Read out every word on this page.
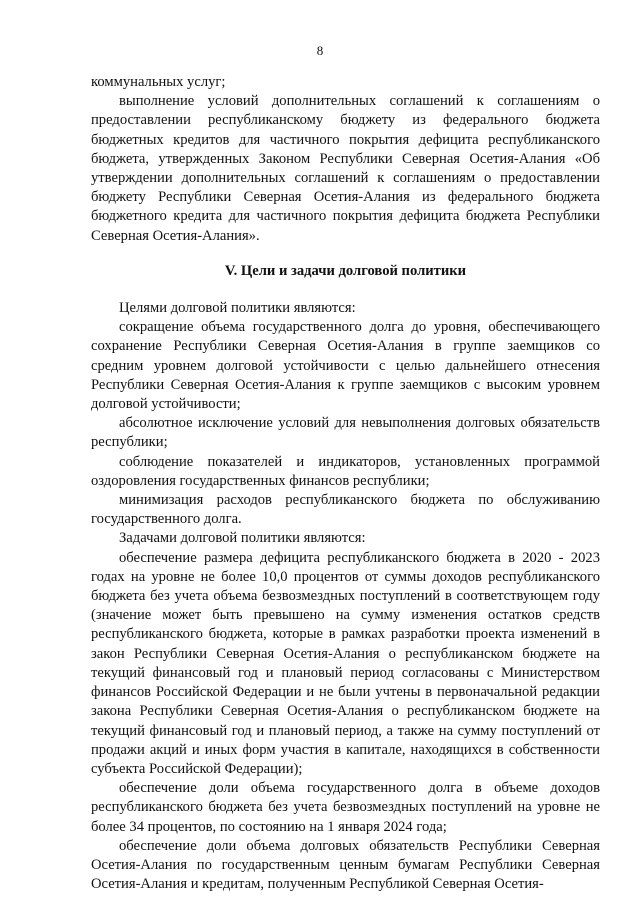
8

коммунальных услуг;

выполнение условий дополнительных соглашений к соглашениям о предоставлении республиканскому бюджету из федерального бюджета бюджетных кредитов для частичного покрытия дефицита республиканского бюджета, утвержденных Законом Республики Северная Осетия-Алания «Об утверждении дополнительных соглашений к соглашениям о предоставлении бюджету Республики Северная Осетия-Алания из федерального бюджета бюджетного кредита для частичного покрытия дефицита бюджета Республики Северная Осетия-Алания».

V. Цели и задачи долговой политики

Целями долговой политики являются:

сокращение объема государственного долга до уровня, обеспечивающего сохранение Республики Северная Осетия-Алания в группе заемщиков со средним уровнем долговой устойчивости с целью дальнейшего отнесения Республики Северная Осетия-Алания к группе заемщиков с высоким уровнем долговой устойчивости;

абсолютное исключение условий для невыполнения долговых обязательств республики;

соблюдение показателей и индикаторов, установленных программой оздоровления государственных финансов республики;

минимизация расходов республиканского бюджета по обслуживанию государственного долга.

Задачами долговой политики являются:

обеспечение размера дефицита республиканского бюджета в 2020 - 2023 годах на уровне не более 10,0 процентов от суммы доходов республиканского бюджета без учета объема безвозмездных поступлений в соответствующем году (значение может быть превышено на сумму изменения остатков средств республиканского бюджета, которые в рамках разработки проекта изменений в закон Республики Северная Осетия-Алания о республиканском бюджете на текущий финансовый год и плановый период согласованы с Министерством финансов Российской Федерации и не были учтены в первоначальной редакции закона Республики Северная Осетия-Алания о республиканском бюджете на текущий финансовый год и плановый период, а также на сумму поступлений от продажи акций и иных форм участия в капитале, находящихся в собственности субъекта Российской Федерации);

обеспечение доли объема государственного долга в объеме доходов республиканского бюджета без учета безвозмездных поступлений на уровне не более 34 процентов, по состоянию на 1 января 2024 года;

обеспечение доли объема долговых обязательств Республики Северная Осетия-Алания по государственным ценным бумагам Республики Северная Осетия-Алания и кредитам, полученным Республикой Северная Осетия-
